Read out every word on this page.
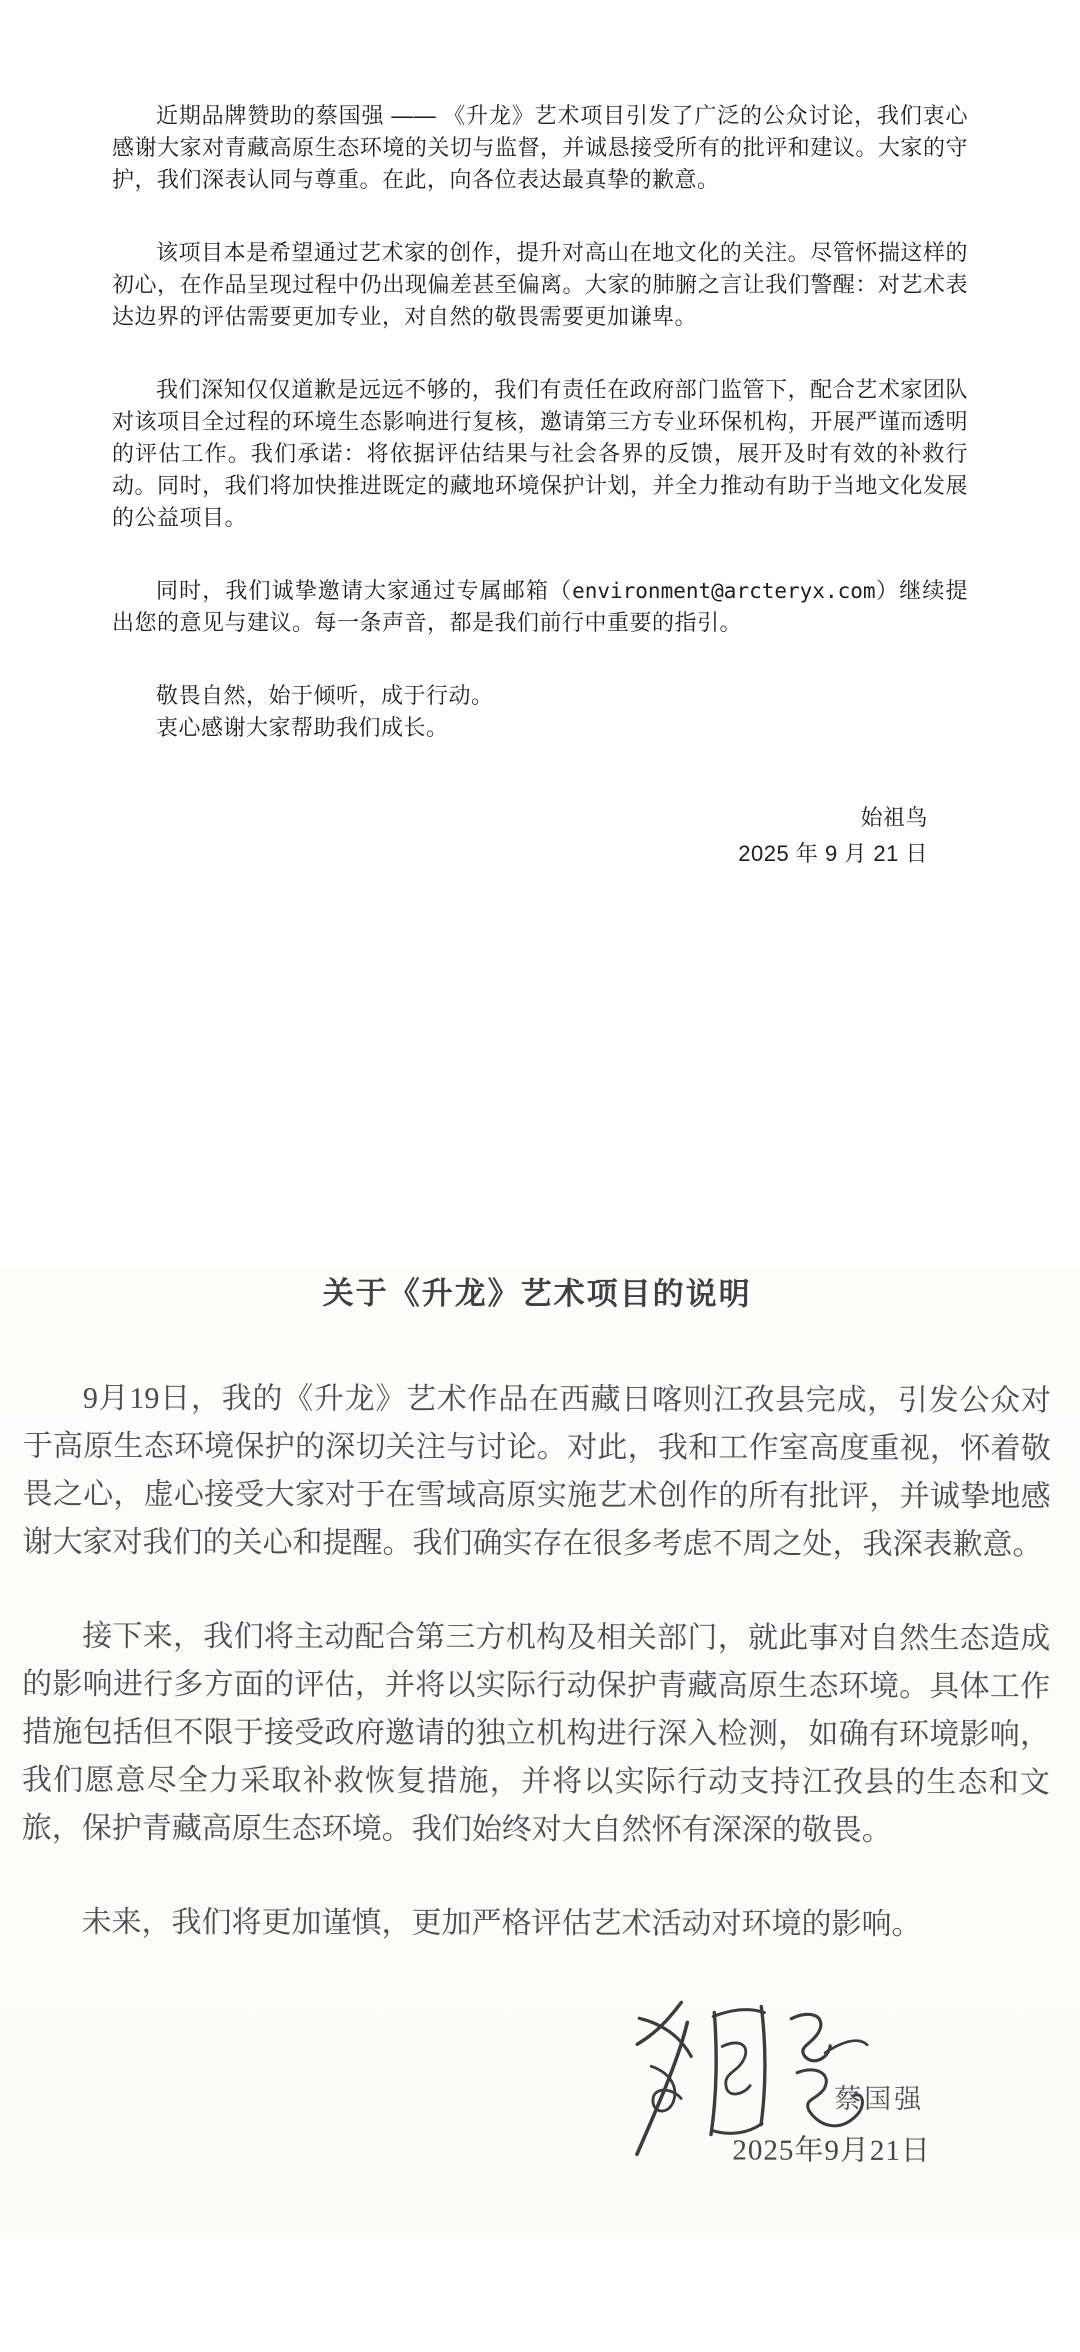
近期品牌赞助的蔡国强 —— 《升龙》艺术项目引发了广泛的公众讨论，我们衷心感谢大家对青藏高原生态环境的关切与监督，并诚恳接受所有的批评和建议。大家的守护，我们深表认同与尊重。在此，向各位表达最真挚的歉意。

该项目本是希望通过艺术家的创作，提升对高山在地文化的关注。尽管怀揣这样的初心，在作品呈现过程中仍出现偏差甚至偏离。大家的肺腑之言让我们警醒：对艺术表达边界的评估需要更加专业，对自然的敬畏需要更加谦卑。

我们深知仅仅道歉是远远不够的，我们有责任在政府部门监管下，配合艺术家团队对该项目全过程的环境生态影响进行复核，邀请第三方专业环保机构，开展严谨而透明的评估工作。我们承诺：将依据评估结果与社会各界的反馈，展开及时有效的补救行动。同时，我们将加快推进既定的藏地环境保护计划，并全力推动有助于当地文化发展的公益项目。

同时，我们诚挚邀请大家通过专属邮箱（environment@arcteryx.com）继续提出您的意见与建议。每一条声音，都是我们前行中重要的指引。

敬畏自然，始于倾听，成于行动。

衷心感谢大家帮助我们成长。

始祖鸟
2025 年 9 月 21 日
关于《升龙》艺术项目的说明

9月19日，我的《升龙》艺术作品在西藏日喀则江孜县完成，引发公众对于高原生态环境保护的深切关注与讨论。对此，我和工作室高度重视，怀着敬畏之心，虚心接受大家对于在雪域高原实施艺术创作的所有批评，并诚挚地感谢大家对我们的关心和提醒。我们确实存在很多考虑不周之处，我深表歉意。

接下来，我们将主动配合第三方机构及相关部门，就此事对自然生态造成的影响进行多方面的评估，并将以实际行动保护青藏高原生态环境。具体工作措施包括但不限于接受政府邀请的独立机构进行深入检测，如确有环境影响，我们愿意尽全力采取补救恢复措施，并将以实际行动支持江孜县的生态和文旅，保护青藏高原生态环境。我们始终对大自然怀有深深的敬畏。

未来，我们将更加谨慎，更加严格评估艺术活动对环境的影响。

蔡国强
2025年9月21日
